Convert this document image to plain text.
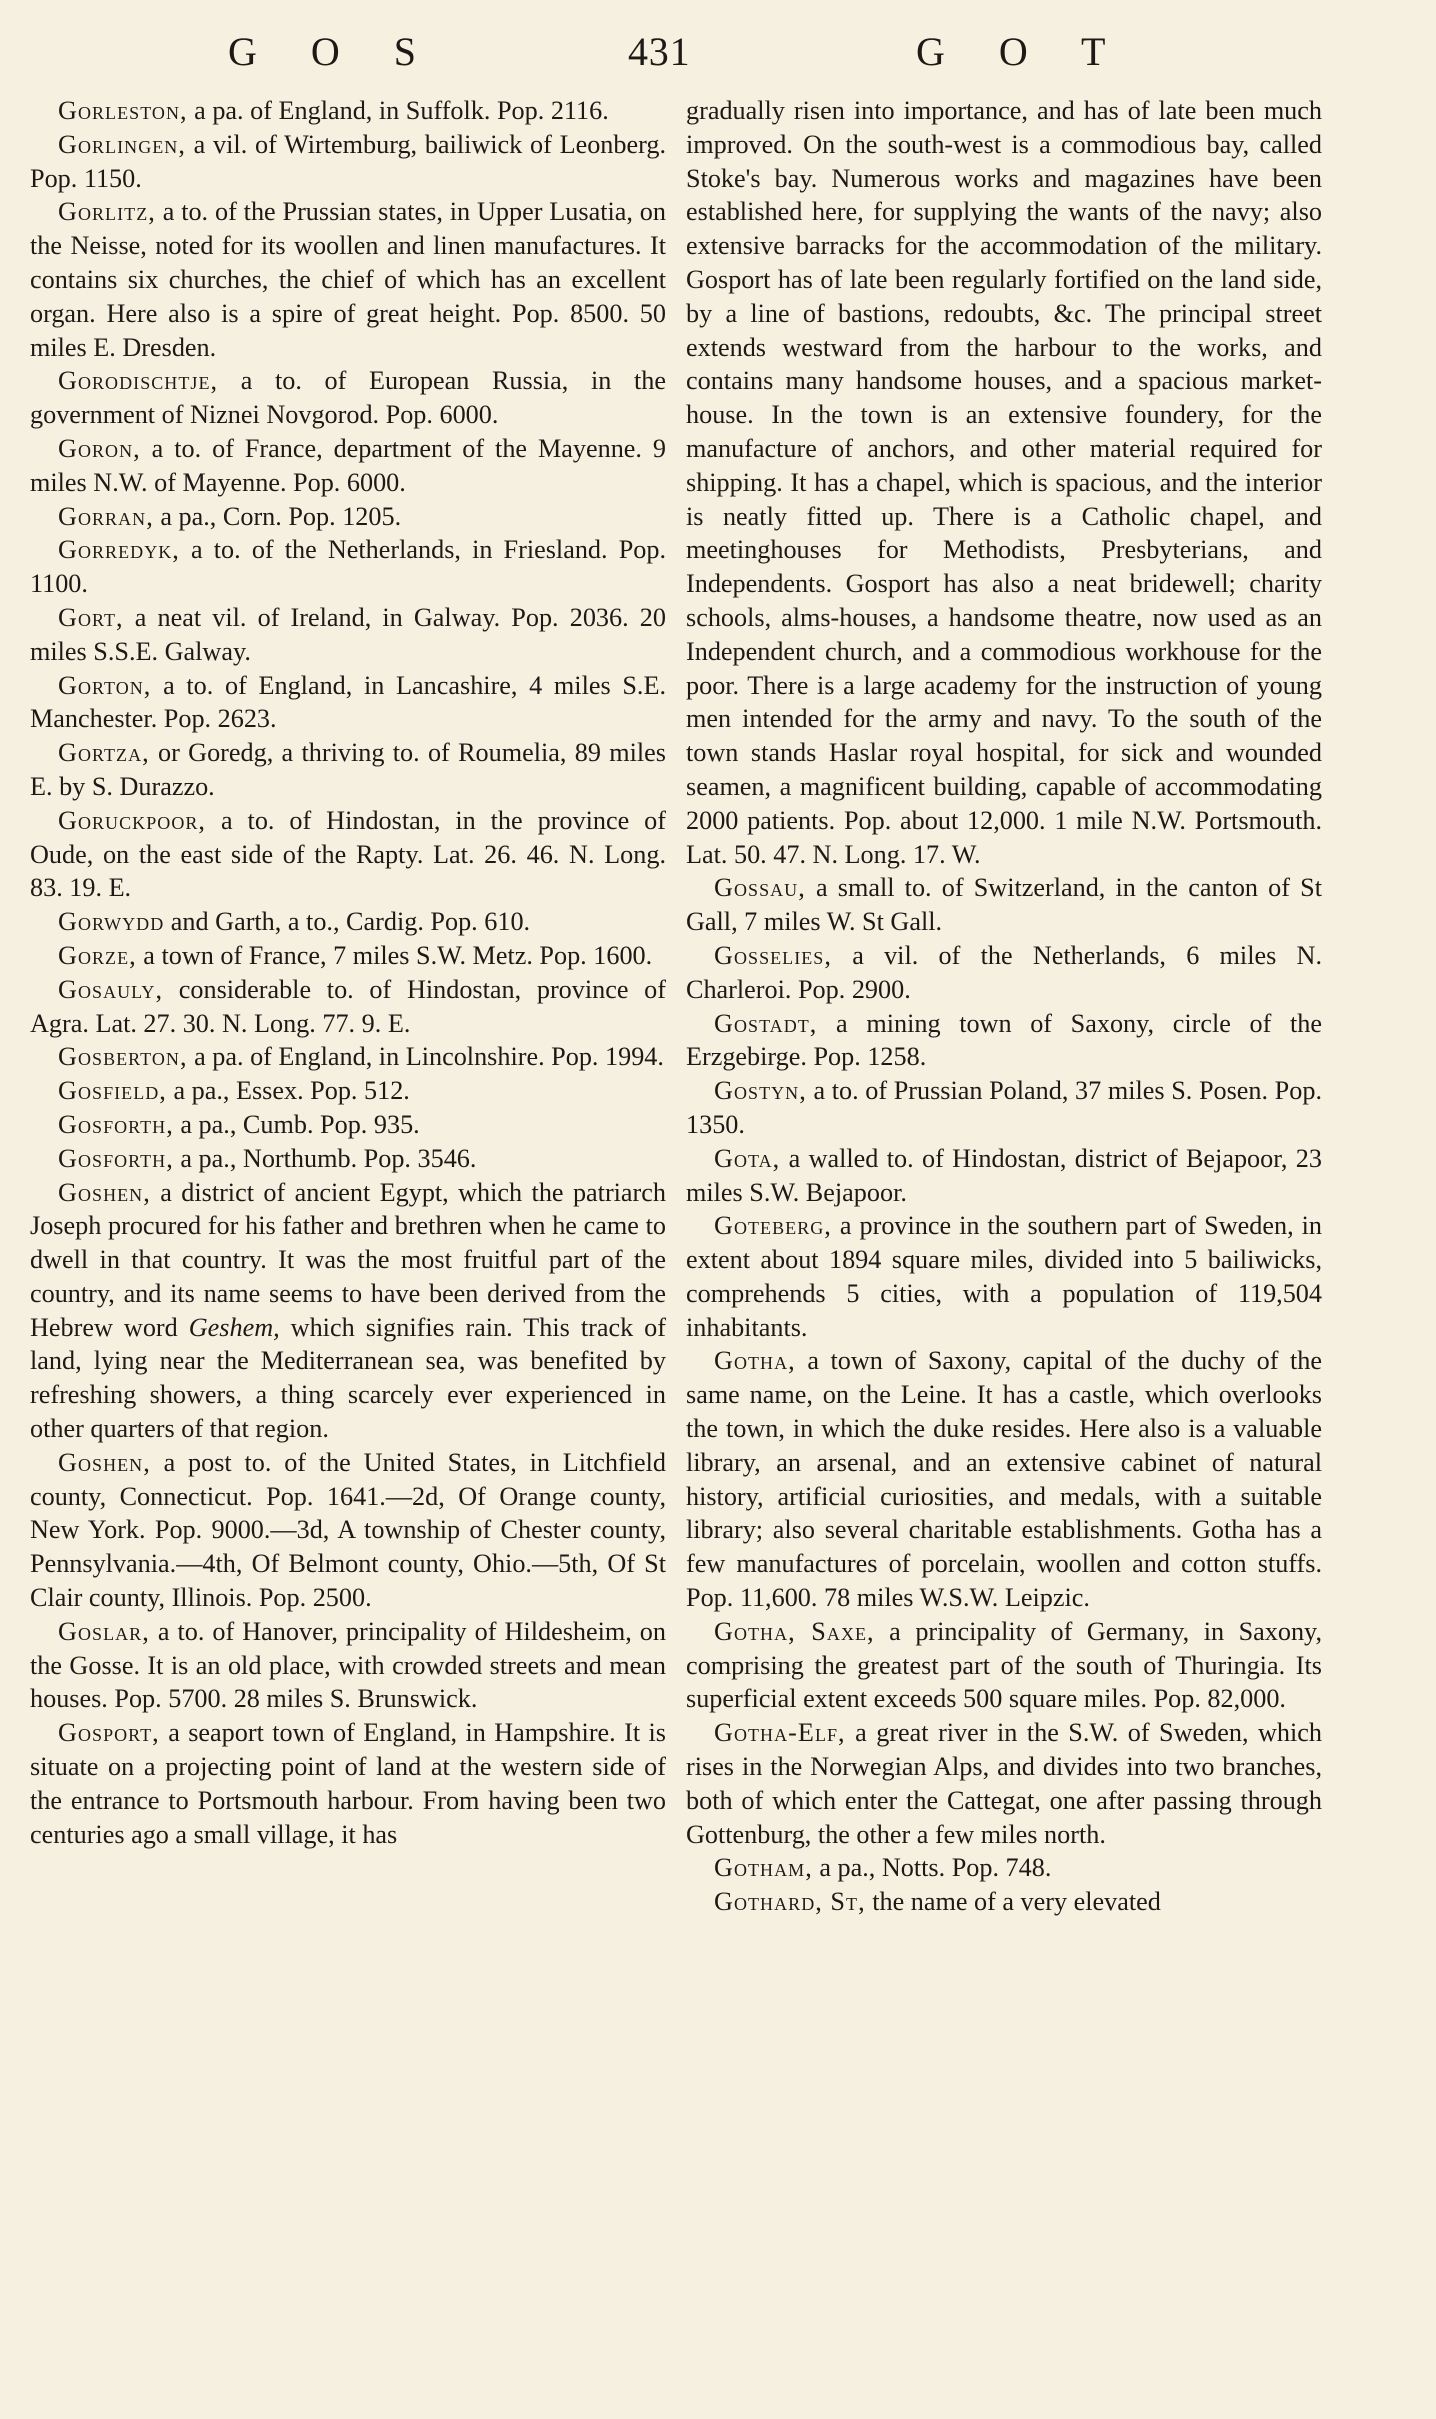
G O S	431	G O T

Gorleston, a pa. of England, in Suffolk. Pop. 2116.

Gorlingen, a vil. of Wirtemburg, bailiwick of Leonberg. Pop. 1150.

Gorlitz, a to. of the Prussian states, in Upper Lusatia, on the Neisse, noted for its woollen and linen manufactures. It contains six churches, the chief of which has an excellent organ. Here also is a spire of great height. Pop. 8500. 50 miles E. Dresden.

Gorodischtje, a to. of European Russia, in the government of Niznei Novgorod. Pop. 6000.

Goron, a to. of France, department of the Mayenne. 9 miles N.W. of Mayenne. Pop. 6000.

Gorran, a pa., Corn. Pop. 1205.

Gorredyk, a to. of the Netherlands, in Friesland. Pop. 1100.

Gort, a neat vil. of Ireland, in Galway. Pop. 2036. 20 miles S.S.E. Galway.

Gorton, a to. of England, in Lancashire, 4 miles S.E. Manchester. Pop. 2623.

Gortza, or Goredg, a thriving to. of Roumelia, 89 miles E. by S. Durazzo.

Goruckpoor, a to. of Hindostan, in the province of Oude, on the east side of the Rapty. Lat. 26. 46. N. Long. 83. 19. E.

Gorwydd and Garth, a to., Cardig. Pop. 610.

Gorze, a town of France, 7 miles S.W. Metz. Pop. 1600.

Gosauly, considerable to. of Hindostan, province of Agra. Lat. 27. 30. N. Long. 77. 9. E.

Gosberton, a pa. of England, in Lincolnshire. Pop. 1994.

Gosfield, a pa., Essex. Pop. 512.

Gosforth, a pa., Cumb. Pop. 935.

Gosforth, a pa., Northumb. Pop. 3546.

Goshen, a district of ancient Egypt, which the patriarch Joseph procured for his father and brethren when he came to dwell in that country. It was the most fruitful part of the country, and its name seems to have been derived from the Hebrew word Geshem, which signifies rain. This track of land, lying near the Mediterranean sea, was benefited by refreshing showers, a thing scarcely ever experienced in other quarters of that region.

Goshen, a post to. of the United States, in Litchfield county, Connecticut. Pop. 1641.—2d, Of Orange county, New York. Pop. 9000.—3d, A township of Chester county, Pennsylvania.—4th, Of Belmont county, Ohio.—5th, Of St Clair county, Illinois. Pop. 2500.

Goslar, a to. of Hanover, principality of Hildesheim, on the Gosse. It is an old place, with crowded streets and mean houses. Pop. 5700. 28 miles S. Brunswick.

Gosport, a seaport town of England, in Hampshire. It is situate on a projecting point of land at the western side of the entrance to Portsmouth harbour. From having been two centuries ago a small village, it has

gradually risen into importance, and has of late been much improved. On the south-west is a commodious bay, called Stoke's bay. Numerous works and magazines have been established here, for supplying the wants of the navy; also extensive barracks for the accommodation of the military. Gosport has of late been regularly fortified on the land side, by a line of bastions, redoubts, &c. The principal street extends westward from the harbour to the works, and contains many handsome houses, and a spacious market-house. In the town is an extensive foundery, for the manufacture of anchors, and other material required for shipping. It has a chapel, which is spacious, and the interior is neatly fitted up. There is a Catholic chapel, and meetinghouses for Methodists, Presbyterians, and Independents. Gosport has also a neat bridewell; charity schools, alms-houses, a handsome theatre, now used as an Independent church, and a commodious workhouse for the poor. There is a large academy for the instruction of young men intended for the army and navy. To the south of the town stands Haslar royal hospital, for sick and wounded seamen, a magnificent building, capable of accommodating 2000 patients. Pop. about 12,000. 1 mile N.W. Portsmouth. Lat. 50. 47. N. Long. 17. W.

Gossau, a small to. of Switzerland, in the canton of St Gall, 7 miles W. St Gall.

Gosselies, a vil. of the Netherlands, 6 miles N. Charleroi. Pop. 2900.

Gostadt, a mining town of Saxony, circle of the Erzgebirge. Pop. 1258.

Gostyn, a to. of Prussian Poland, 37 miles S. Posen. Pop. 1350.

Gota, a walled to. of Hindostan, district of Bejapoor, 23 miles S.W. Bejapoor.

Goteberg, a province in the southern part of Sweden, in extent about 1894 square miles, divided into 5 bailiwicks, comprehends 5 cities, with a population of 119,504 inhabitants.

Gotha, a town of Saxony, capital of the duchy of the same name, on the Leine. It has a castle, which overlooks the town, in which the duke resides. Here also is a valuable library, an arsenal, and an extensive cabinet of natural history, artificial curiosities, and medals, with a suitable library; also several charitable establishments. Gotha has a few manufactures of porcelain, woollen and cotton stuffs. Pop. 11,600. 78 miles W.S.W. Leipzic.

Gotha, Saxe, a principality of Germany, in Saxony, comprising the greatest part of the south of Thuringia. Its superficial extent exceeds 500 square miles. Pop. 82,000.

Gotha-Elf, a great river in the S.W. of Sweden, which rises in the Norwegian Alps, and divides into two branches, both of which enter the Cattegat, one after passing through Gottenburg, the other a few miles north.

Gotham, a pa., Notts. Pop. 748.

Gothard, St, the name of a very elevated
